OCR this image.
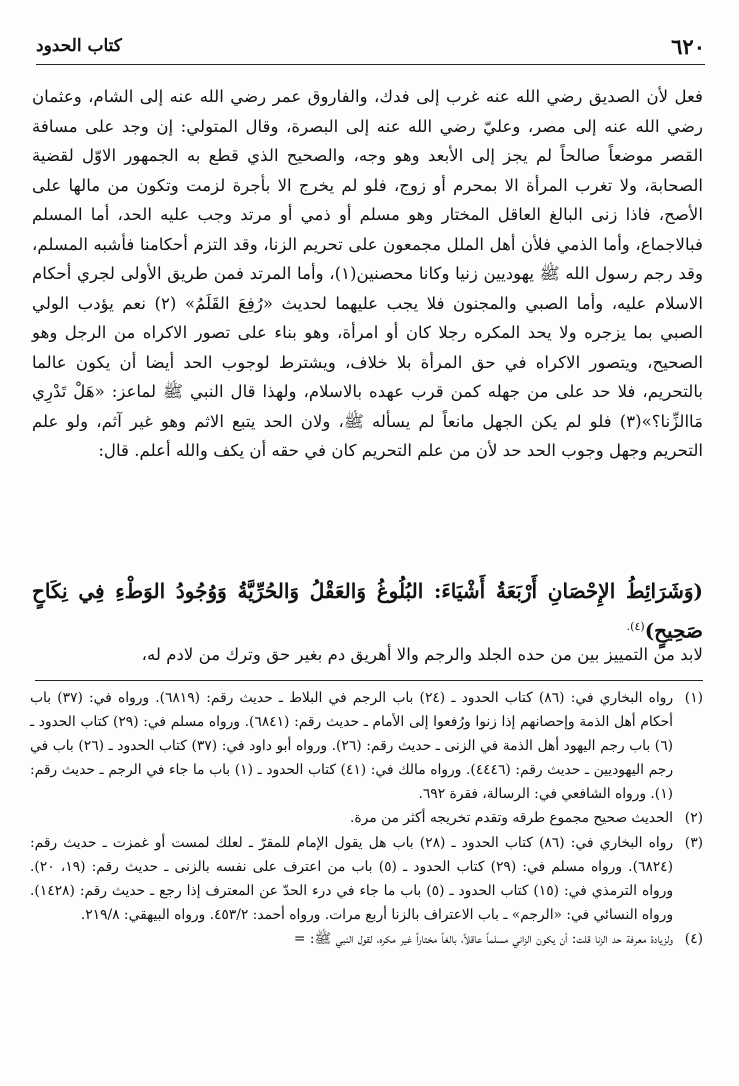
٦٢٠
كتاب الحدود

فعل لأن الصديق رضي الله عنه غرب إلى فدك، والفاروق عمر رضي الله عنه إلى الشام، وعثمان رضي الله عنه إلى مصر، وعليّ رضي الله عنه إلى البصرة، وقال المتولي: إن وجد على مسافة القصر موضعاً صالحاً لم يجز إلى الأبعد وهو وجه، والصحيح الذي قطع به الجمهور الاوّل لقضية الصحابة، ولا تغرب المرأة الا بمحرم أو زوج، فلو لم يخرج الا بأجرة لزمت وتكون من مالها على الأصح، فاذا زنى البالغ العاقل المختار وهو مسلم أو ذمي أو مرتد وجب عليه الحد، أما المسلم فبالاجماع، وأما الذمي فلأن أهل الملل مجمعون على تحريم الزنا، وقد التزم أحكامنا فأشبه المسلم، وقد رجم رسول الله ﷺ يهوديين زنيا وكانا محصنين(١)، وأما المرتد فمن طريق الأولى لجري أحكام الاسلام عليه، وأما الصبي والمجنون فلا يجب عليهما لحديث «رُفِعَ القَلَمُ» (٢) نعم يؤدب الولي الصبي بما يزجره ولا يحد المكره رجلا كان أو امرأة، وهو بناء على تصور الاكراه من الرجل وهو الصحيح، ويتصور الاكراه في حق المرأة بلا خلاف، ويشترط لوجوب الحد أيضا أن يكون عالما بالتحريم، فلا حد على من جهله كمن قرب عهده بالاسلام، ولهذا قال النبي ﷺ لماعز: «هَلْ تَدْرِي مَاالزِّنا؟»(٣) فلو لم يكن الجهل مانعاً لم يسأله ﷺ، ولان الحد يتبع الاثم وهو غير آثم، ولو علم التحريم وجهل وجوب الحد حد لأن من علم التحريم كان في حقه أن يكف والله أعلم. قال:

(وَشَرَائِطُ الإِحْصَانِ أَرْبَعَةُ أَشْيَاءَ: البُلُوغُ وَالعَقْلُ وَالحُرِّيَّةُ وَوُجُودُ الوَطْءِ فِي نِكَاحٍ صَحِيحٍ)$^{(٤).}$
لابد من التمييز بين من حده الجلد والرجم والا أهريق دم بغير حق وترك من لادم له،
(١)
رواه البخاري في: (٨٦) كتاب الحدود ـ (٢٤) باب الرجم في البلاط ـ حديث رقم: (٦٨١٩). ورواه في: (٣٧) باب أحكام أهل الذمة وإحصانهم إذا زنوا ورُفعوا إلى الأمام ـ حديث رقم: (٦٨٤١). ورواه مسلم في: (٢٩) كتاب الحدود ـ (٦) باب رجم اليهود أهل الذمة في الزنى ـ حديث رقم: (٢٦). ورواه أبو داود في: (٣٧) كتاب الحدود ـ (٢٦) باب في رجم اليهوديين ـ حديث رقم: (٤٤٤٦). ورواه مالك في: (٤١) كتاب الحدود ـ (١) باب ما جاء في الرجم ـ حديث رقم: (١). ورواه الشافعي في: الرسالة، فقرة ٦٩٢.
(٢)
الحديث صحيح مجموع طرقه وتقدم تخريجه أكثر من مرة.
(٣)
رواه البخاري في: (٨٦) كتاب الحدود ـ (٢٨) باب هل يقول الإمام للمقرّ ـ لعلك لمست أو غمزت ـ حديث رقم: (٦٨٢٤). ورواه مسلم في: (٢٩) كتاب الحدود ـ (٥) باب من اعترف على نفسه بالزنى ـ حديث رقم: (١٩، ٢٠). ورواه الترمذي في: (١٥) كتاب الحدود ـ (٥) باب ما جاء في درء الحدّ عن المعترف إذا رجع ـ حديث رقم: (١٤٢٨). ورواه النسائي في: «الرجم» ـ باب الاعتراف بالزنا أربع مرات. ورواه أحمد: ٤٥٣/٢. ورواه البيهقي: ٢١٩/٨.
(٤)
ولزيادة معرفة حد الزنا قلت: أن يكون الزاني مسلماً عاقلاً، بالغاً مختاراً غير مكره، لقول النبي ﷺ: =
